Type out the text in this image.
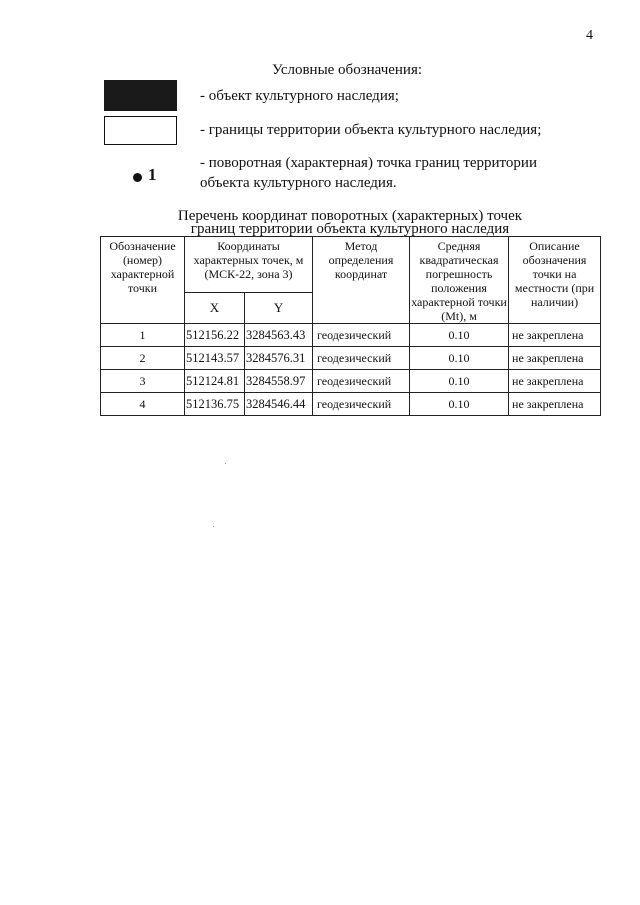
4
Условные обозначения:
- объект культурного наследия;
- границы территории объекта культурного наследия;
1
- поворотная (характерная) точка границ территории объекта культурного наследия.
Перечень координат поворотных (характерных) точек
границ территории объекта культурного наследия
Обозначение (номер) характерной точки	Координаты характерных точек, м (МСК-22, зона 3)		Метод определения координат	Средняя квадратическая погрешность положения характерной точки (Mt), м	Описание обозначения точки на местности (при наличии)
	X	Y			
1	512156.22	3284563.43	геодезический	0.10	не закреплена
2	512143.57	3284576.31	геодезический	0.10	не закреплена
3	512124.81	3284558.97	геодезический	0.10	не закреплена
4	512136.75	3284546.44	геодезический	0.10	не закреплена
